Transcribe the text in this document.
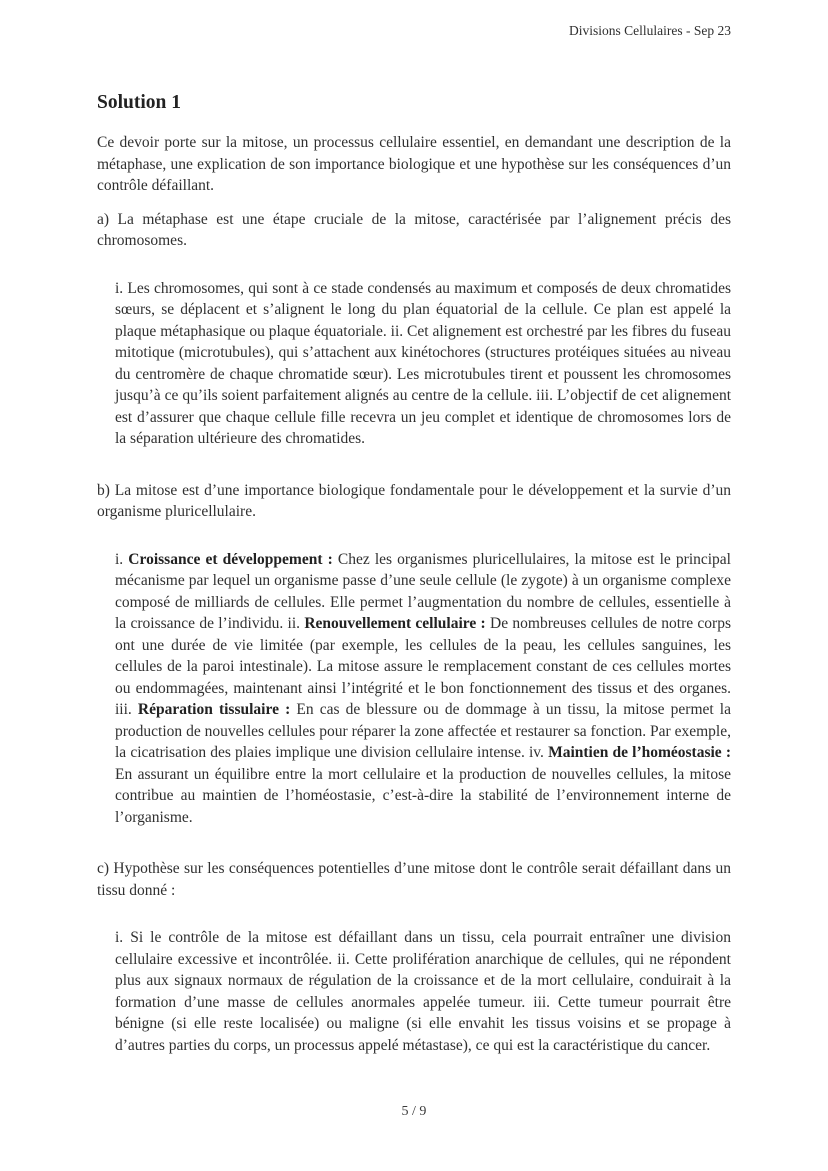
Divisions Cellulaires - Sep 23
Solution 1

Ce devoir porte sur la mitose, un processus cellulaire essentiel, en demandant une description de la métaphase, une explication de son importance biologique et une hypothèse sur les conséquences d’un contrôle défaillant.

a) La métaphase est une étape cruciale de la mitose, caractérisée par l’alignement précis des chromosomes.

i. Les chromosomes, qui sont à ce stade condensés au maximum et composés de deux chromatides sœurs, se déplacent et s’alignent le long du plan équatorial de la cellule. Ce plan est appelé la plaque métaphasique ou plaque équatoriale. ii. Cet alignement est orchestré par les fibres du fuseau mitotique (microtubules), qui s’attachent aux kinétochores (structures protéiques situées au niveau du centromère de chaque chromatide sœur). Les microtubules tirent et poussent les chromosomes jusqu’à ce qu’ils soient parfaitement alignés au centre de la cellule. iii. L’objectif de cet alignement est d’assurer que chaque cellule fille recevra un jeu complet et identique de chromosomes lors de la séparation ultérieure des chromatides.

b) La mitose est d’une importance biologique fondamentale pour le développement et la survie d’un organisme pluricellulaire.

i. Croissance et développement : Chez les organismes pluricellulaires, la mitose est le principal mécanisme par lequel un organisme passe d’une seule cellule (le zygote) à un organisme complexe composé de milliards de cellules. Elle permet l’augmentation du nombre de cellules, essentielle à la croissance de l’individu. ii. Renouvellement cellulaire : De nombreuses cellules de notre corps ont une durée de vie limitée (par exemple, les cellules de la peau, les cellules sanguines, les cellules de la paroi intestinale). La mitose assure le remplacement constant de ces cellules mortes ou endommagées, maintenant ainsi l’intégrité et le bon fonctionnement des tissus et des organes. iii. Réparation tissulaire : En cas de blessure ou de dommage à un tissu, la mitose permet la production de nouvelles cellules pour réparer la zone affectée et restaurer sa fonction. Par exemple, la cicatrisation des plaies implique une division cellulaire intense. iv. Maintien de l’homéostasie : En assurant un équilibre entre la mort cellulaire et la production de nouvelles cellules, la mitose contribue au maintien de l’homéostasie, c’est-à-dire la stabilité de l’environnement interne de l’organisme.

c) Hypothèse sur les conséquences potentielles d’une mitose dont le contrôle serait défaillant dans un tissu donné :

i. Si le contrôle de la mitose est défaillant dans un tissu, cela pourrait entraîner une division cellulaire excessive et incontrôlée. ii. Cette prolifération anarchique de cellules, qui ne répondent plus aux signaux normaux de régulation de la croissance et de la mort cellulaire, conduirait à la formation d’une masse de cellules anormales appelée tumeur. iii. Cette tumeur pourrait être bénigne (si elle reste localisée) ou maligne (si elle envahit les tissus voisins et se propage à d’autres parties du corps, un processus appelé métastase), ce qui est la caractéristique du cancer.
5 / 9
